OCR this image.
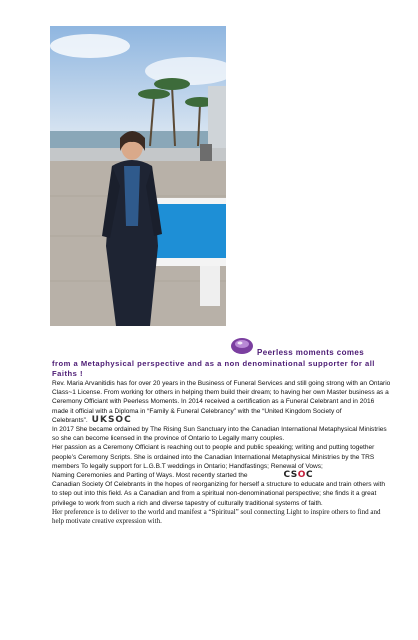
Peerless moments comes
from a Metaphysical perspective and as a non denominational supporter for all Faiths !

Rev. Maria Arvanitidis has for over 20 years in the Business of Funeral Services and still going strong with an Ontario Class~1 License. From working for others in helping them build their dream; to having her own Master business as a Ceremony Officiant with Peerless Moments. In 2014 received a certification as a Funeral Celebrant and in 2016 made it official with a Diploma in “Family & Funeral Celebrancy” with the “United Kingdom Society of Celebrants”. UKSOC

In 2017 She became ordained by The Rising Sun Sanctuary into the Canadian International Metaphysical Ministries so she can become licensed in the province of Ontario to Legally marry couples.

Her passion as a Ceremony Officiant is reaching out to people and public speaking; writing and putting together people’s Ceremony Scripts. She is ordained into the Canadian International Metaphysical Ministries by the TRS members To legally support for L.G.B.T weddings in Ontario; Handfastings; Renewal of Vows;

Naming Ceremonies and Parting of Ways. Most recently started the	CSOC

Canadian Society Of Celebrants in the hopes of reorganizing for herself a structure to educate and train others with to step out into this field. As a Canadian and from a spiritual non-denominational perspective; she finds it a great privilege to work from such a rich and diverse tapestry of culturally traditional systems of faith.

Her preference is to deliver to the world and manifest a “Spiritual” soul connecting Light to inspire others to find and help motivate creative expression with.
